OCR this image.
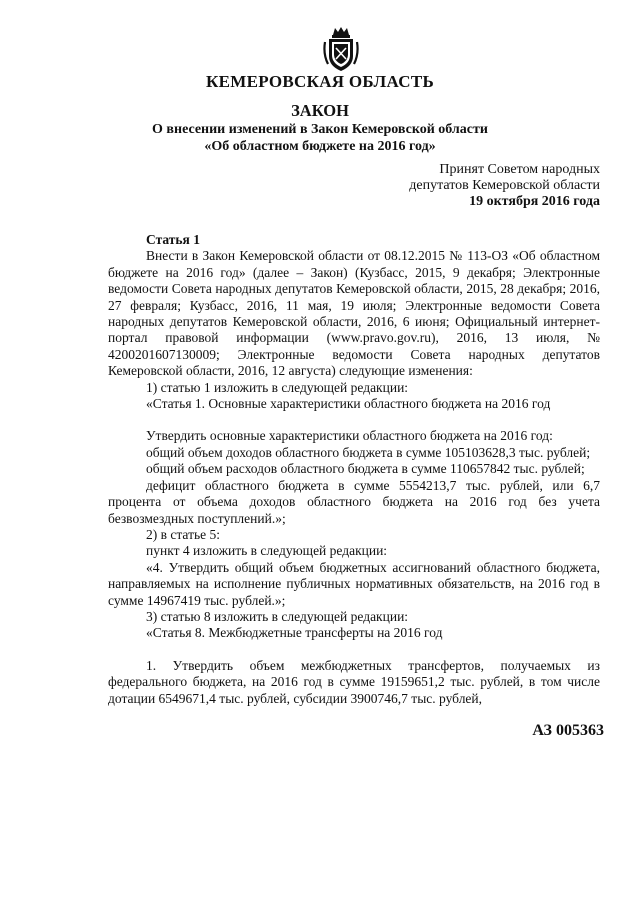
КЕМЕРОВСКАЯ ОБЛАСТЬ
ЗАКОН
О внесении изменений в Закон Кемеровской области
«Об областном бюджете на 2016 год»
Принят Советом народных
депутатов Кемеровской области
19 октября 2016 года

Статья 1

Внести в Закон Кемеровской области от 08.12.2015 № 113-ОЗ «Об областном бюджете на 2016 год» (далее – Закон) (Кузбасс, 2015, 9 декабря; Электронные ведомости Совета народных депутатов Кемеровской области, 2015, 28 декабря; 2016, 27 февраля; Кузбасс, 2016, 11 мая, 19 июля; Электронные ведомости Совета народных депутатов Кемеровской области, 2016, 6 июня; Официальный интернет-портал правовой информации (www.pravo.gov.ru), 2016, 13 июля, № 4200201607130009; Электронные ведомости Совета народных депутатов Кемеровской области, 2016, 12 августа) следующие изменения:

1) статью 1 изложить в следующей редакции:

«Статья 1. Основные характеристики областного бюджета на 2016 год

Утвердить основные характеристики областного бюджета на 2016 год:

общий объем доходов областного бюджета в сумме 105103628,3 тыс. рублей;

общий объем расходов областного бюджета в сумме 110657842 тыс. рублей;

дефицит областного бюджета в сумме 5554213,7 тыс. рублей, или 6,7 процента от объема доходов областного бюджета на 2016 год без учета безвозмездных поступлений.»;

2) в статье 5:

пункт 4 изложить в следующей редакции:

«4. Утвердить общий объем бюджетных ассигнований областного бюджета, направляемых на исполнение публичных нормативных обязательств, на 2016 год в сумме 14967419 тыс. рублей.»;

3) статью 8 изложить в следующей редакции:

«Статья 8. Межбюджетные трансферты на 2016 год

1. Утвердить объем межбюджетных трансфертов, получаемых из федерального бюджета, на 2016 год в сумме 19159651,2 тыс. рублей, в том числе дотации 6549671,4 тыс. рублей, субсидии 3900746,7 тыс. рублей,

АЗ 005363
